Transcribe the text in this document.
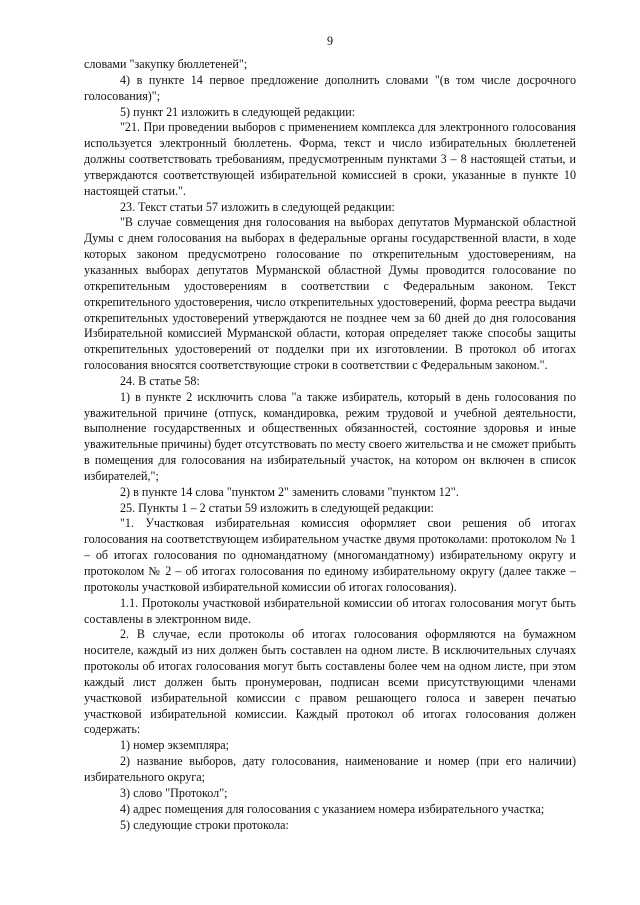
9

словами "закупку бюллетеней";

4) в пункте 14 первое предложение дополнить словами "(в том числе досрочного голосования)";

5) пункт 21 изложить в следующей редакции:

"21. При проведении выборов с применением комплекса для электронного голосования используется электронный бюллетень. Форма, текст и число избирательных бюллетеней должны соответствовать требованиям, предусмотренным пунктами 3 – 8 настоящей статьи, и утверждаются соответствующей избирательной комиссией в сроки, указанные в пункте 10 настоящей статьи.".

23. Текст статьи 57 изложить в следующей редакции:

"В случае совмещения дня голосования на выборах депутатов Мурманской областной Думы с днем голосования на выборах в федеральные органы государственной власти, в ходе которых законом предусмотрено голосование по открепительным удостоверениям, на указанных выборах депутатов Мурманской областной Думы проводится голосование по открепительным удостоверениям в соответствии с Федеральным законом. Текст открепительного удостоверения, число открепительных удостоверений, форма реестра выдачи открепительных удостоверений утверждаются не позднее чем за 60 дней до дня голосования Избирательной комиссией Мурманской области, которая определяет также способы защиты открепительных удостоверений от подделки при их изготовлении. В протокол об итогах голосования вносятся соответствующие строки в соответствии с Федеральным законом.".

24. В статье 58:

1) в пункте 2 исключить слова "а также избиратель, который в день голосования по уважительной причине (отпуск, командировка, режим трудовой и учебной деятельности, выполнение государственных и общественных обязанностей, состояние здоровья и иные уважительные причины) будет отсутствовать по месту своего жительства и не сможет прибыть в помещения для голосования на избирательный участок, на котором он включен в список избирателей,";

2) в пункте 14 слова "пунктом 2" заменить словами "пунктом 12".

25. Пункты 1 – 2 статьи 59 изложить в следующей редакции:

"1. Участковая избирательная комиссия оформляет свои решения об итогах голосования на соответствующем избирательном участке двумя протоколами: протоколом № 1 – об итогах голосования по одномандатному (многомандатному) избирательному округу и протоколом № 2 – об итогах голосования по единому избирательному округу (далее также – протоколы участковой избирательной комиссии об итогах голосования).

1.1. Протоколы участковой избирательной комиссии об итогах голосования могут быть составлены в электронном виде.

2. В случае, если протоколы об итогах голосования оформляются на бумажном носителе, каждый из них должен быть составлен на одном листе. В исключительных случаях протоколы об итогах голосования могут быть составлены более чем на одном листе, при этом каждый лист должен быть пронумерован, подписан всеми присутствующими членами участковой избирательной комиссии с правом решающего голоса и заверен печатью участковой избирательной комиссии. Каждый протокол об итогах голосования должен содержать:

1) номер экземпляра;

2) название выборов, дату голосования, наименование и номер (при его наличии) избирательного округа;

3) слово "Протокол";

4) адрес помещения для голосования с указанием номера избирательного участка;

5) следующие строки протокола:
